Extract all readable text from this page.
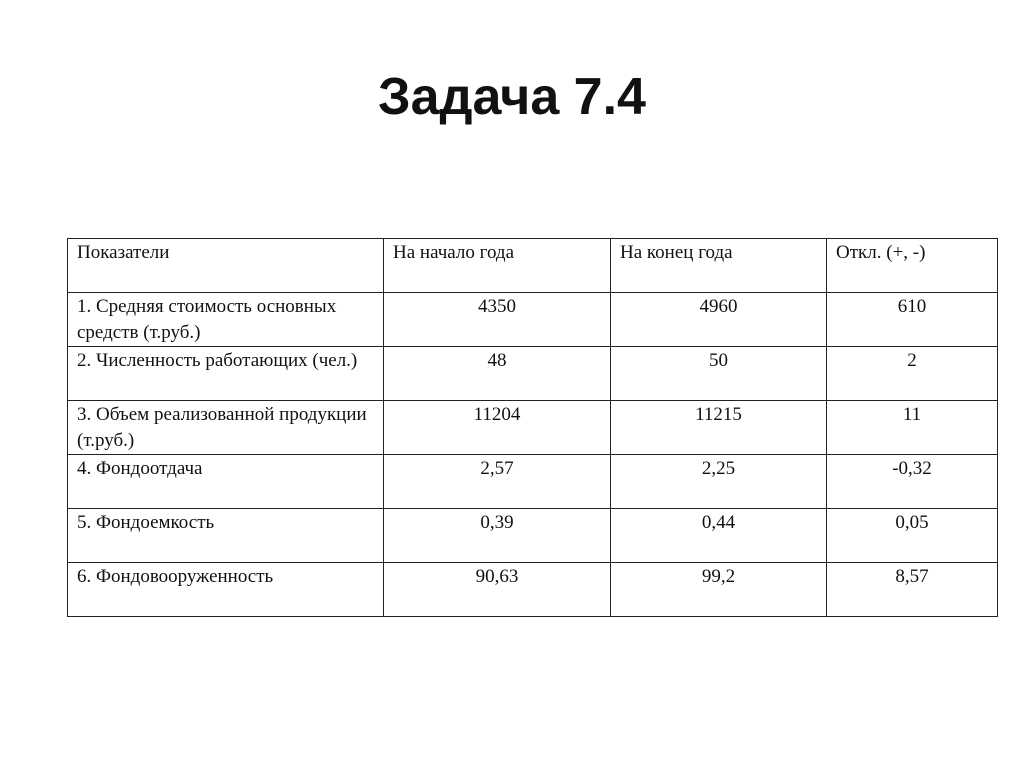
Задача 7.4
Показатели	На начало года	На конец года	Откл. (+, -)
1. Средняя стоимость основных средств (т.руб.)	4350	4960	610
2. Численность работающих (чел.)	48	50	2
3. Объем реализованной продукции (т.руб.)	11204	11215	11
4. Фондоотдача	2,57	2,25	-0,32
5. Фондоемкость	0,39	0,44	0,05
6. Фондовооруженность	90,63	99,2	8,57
